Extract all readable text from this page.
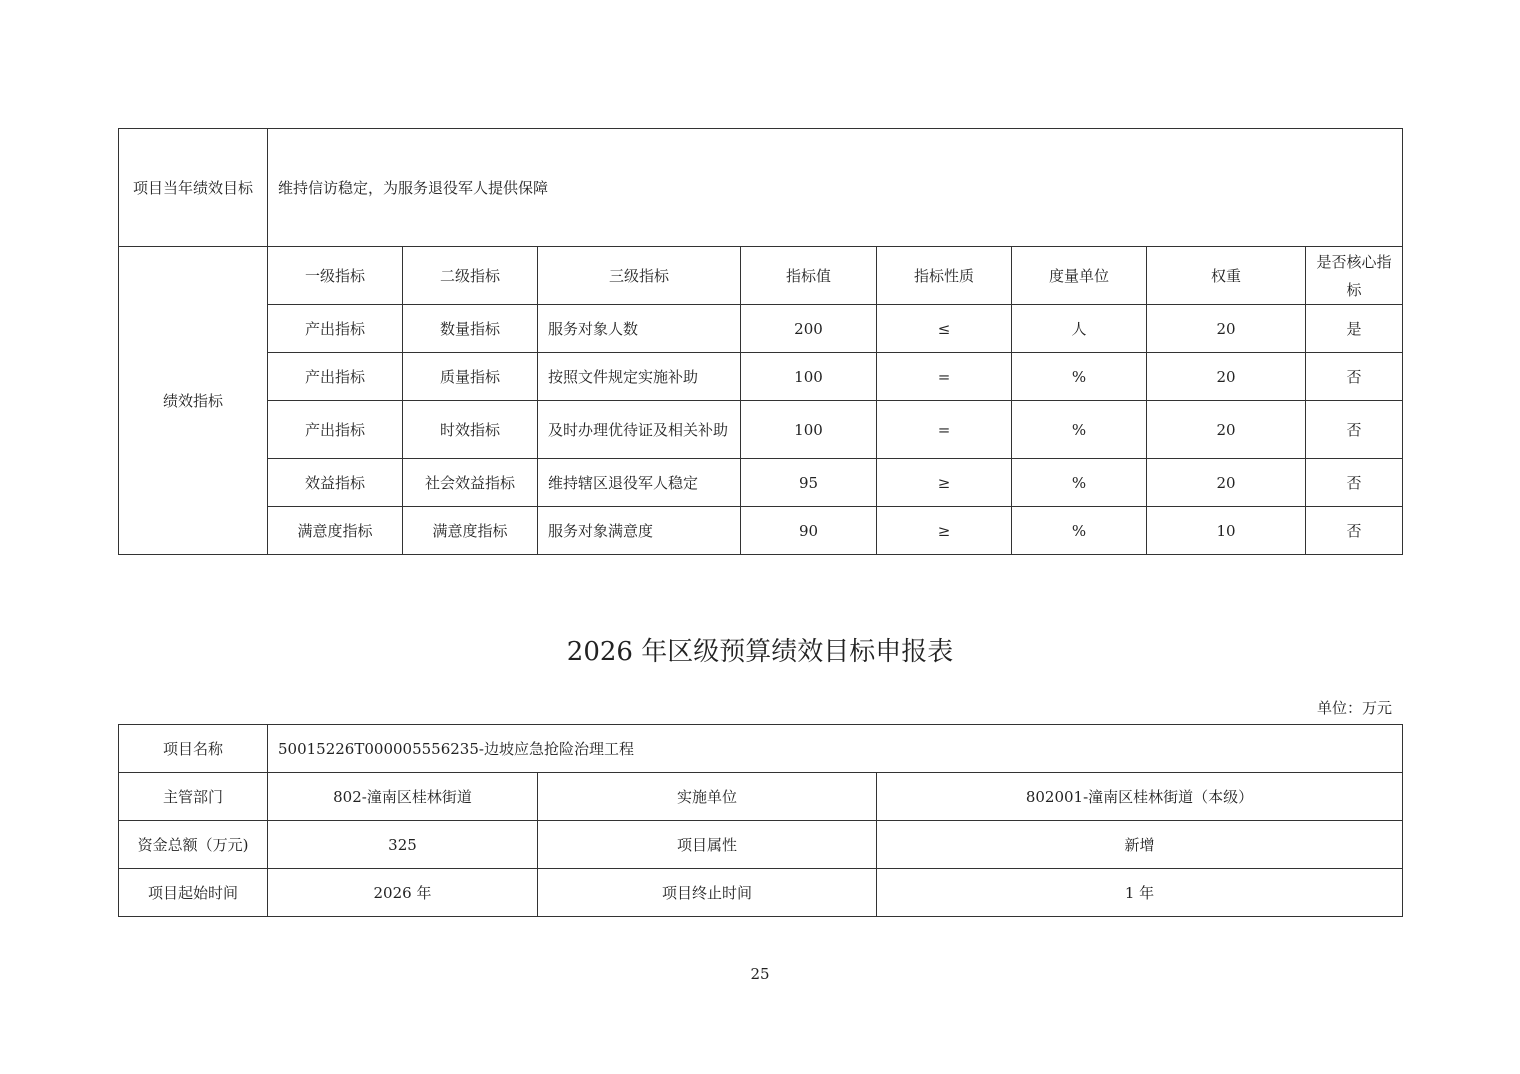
项目当年绩效目标	维持信访稳定，为服务退役军人提供保障							
绩效指标	一级指标	二级指标	三级指标	指标值	指标性质	度量单位	权重	是否核心指标
	产出指标	数量指标	服务对象人数	200	≤	人	20	是
	产出指标	质量指标	按照文件规定实施补助	100	=	%	20	否
	产出指标	时效指标	及时办理优待证及相关补助	100	=	%	20	否
	效益指标	社会效益指标	维持辖区退役军人稳定	95	≥	%	20	否
	满意度指标	满意度指标	服务对象满意度	90	≥	%	10	否
2026 年区级预算绩效目标申报表
单位：万元
项目名称	50015226T000005556235-边坡应急抢险治理工程		
主管部门	802-潼南区桂林街道	实施单位	802001-潼南区桂林街道（本级）
资金总额（万元)	325	项目属性	新增
项目起始时间	2026 年	项目终止时间	1 年
25
